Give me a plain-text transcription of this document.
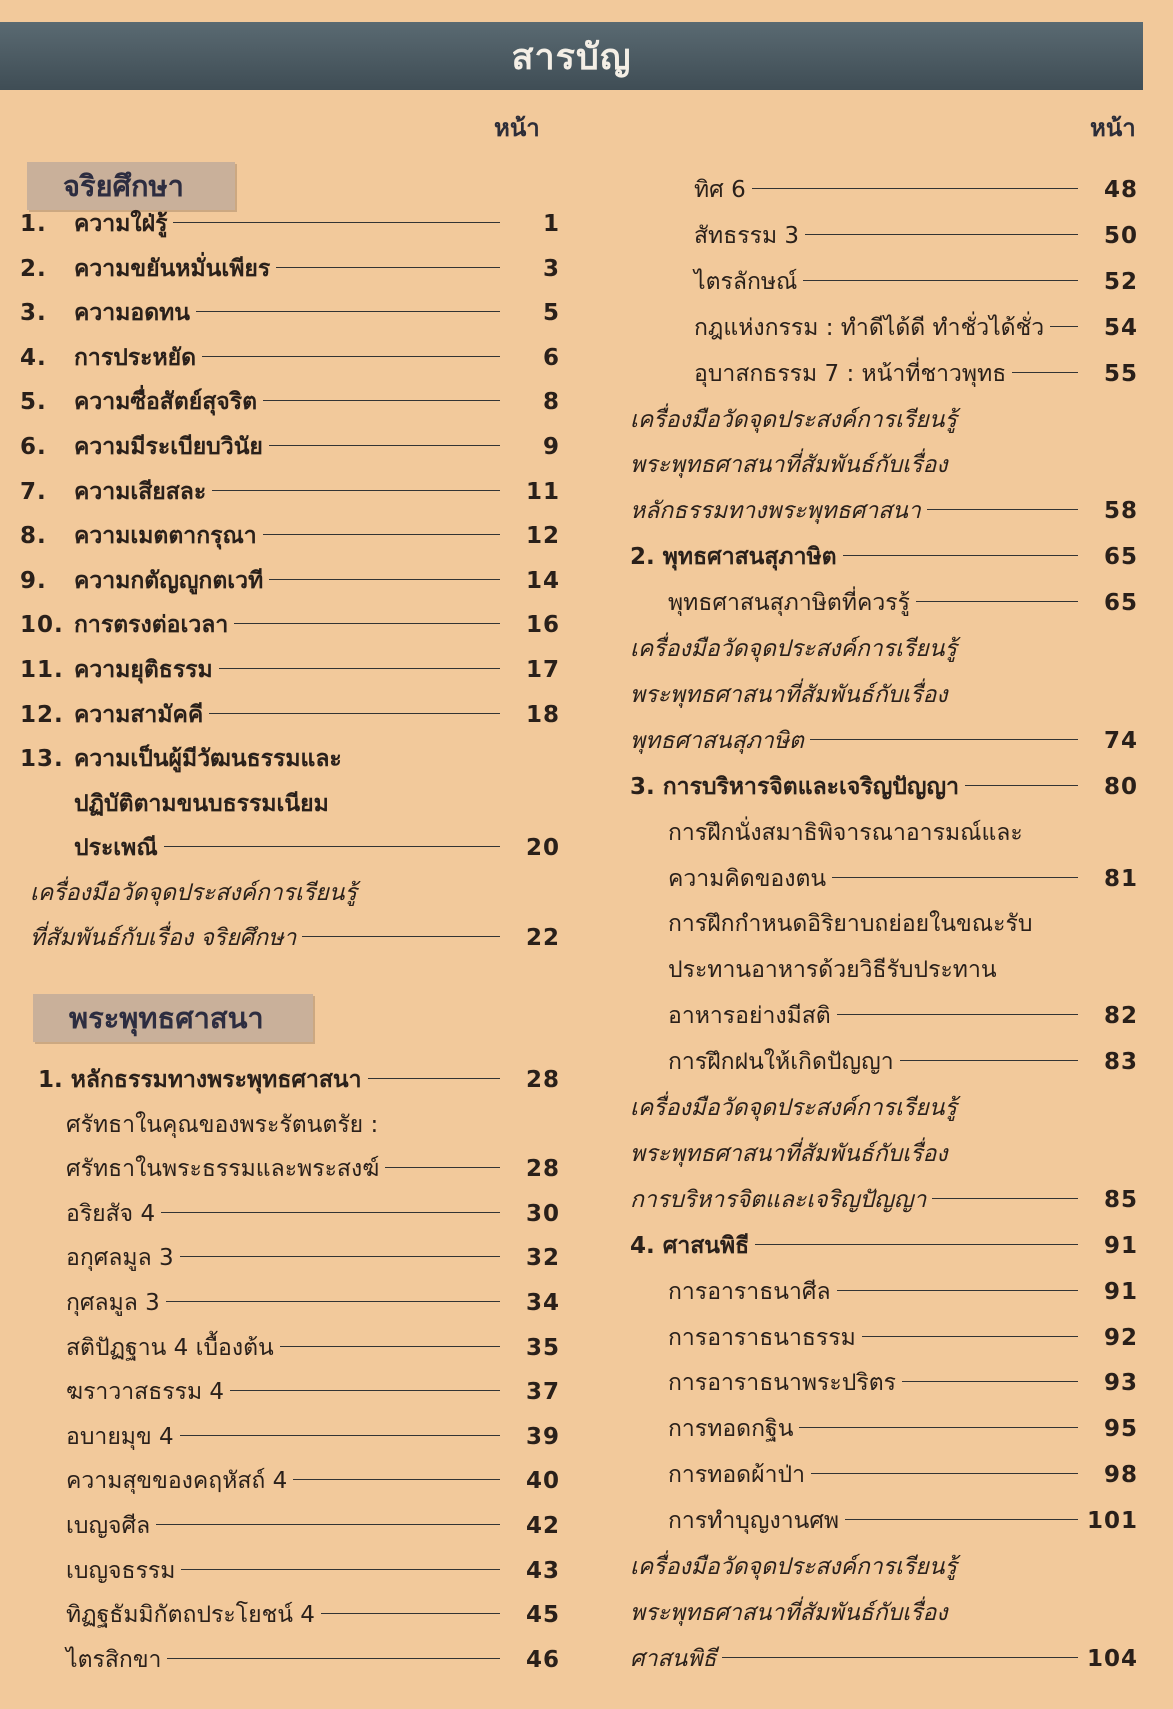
สารบัญ
หน้า	หน้า
จริยศึกษา
พระพุทธศาสนา
1.	ความใฝ่รู้	1
2.	ความขยันหมั่นเพียร	3
3.	ความอดทน	5
4.	การประหยัด	6
5.	ความซื่อสัตย์สุจริต	8
6.	ความมีระเบียบวินัย	9
7.	ความเสียสละ	11
8.	ความเมตตากรุณา	12
9.	ความกตัญญูกตเวที	14
10. การตรงต่อเวลา	16
11. ความยุติธรรม	17
12. ความสามัคคี	18
13. ความเป็นผู้มีวัฒนธรรมและ
ปฏิบัติตามขนบธรรมเนียม
ประเพณี	20
เครื่องมือวัดจุดประสงค์การเรียนรู้
ที่สัมพันธ์กับเรื่อง จริยศึกษา	22
1. หลักธรรมทางพระพุทธศาสนา	28
ศรัทธาในคุณของพระรัตนตรัย :
ศรัทธาในพระธรรมและพระสงฆ์	28
อริยสัจ 4	30
อกุศลมูล 3	32
กุศลมูล 3	34
สติปัฏฐาน 4 เบื้องต้น	35
ฆราวาสธรรม 4	37
อบายมุข 4	39
ความสุขของคฤหัสถ์ 4	40
เบญจศีล	42
เบญจธรรม	43
ทิฏฐธัมมิกัตถประโยชน์ 4	45
ไตรสิกขา	46
ทิศ 6	48
สัทธรรม 3	50
ไตรลักษณ์	52
กฎแห่งกรรม : ทำดีได้ดี ทำชั่วได้ชั่ว	54
อุบาสกธรรม 7 : หน้าที่ชาวพุทธ	55
เครื่องมือวัดจุดประสงค์การเรียนรู้
พระพุทธศาสนาที่สัมพันธ์กับเรื่อง
หลักธรรมทางพระพุทธศาสนา	58
2. พุทธศาสนสุภาษิต	65
พุทธศาสนสุภาษิตที่ควรรู้	65
เครื่องมือวัดจุดประสงค์การเรียนรู้
พระพุทธศาสนาที่สัมพันธ์กับเรื่อง
พุทธศาสนสุภาษิต	74
3. การบริหารจิตและเจริญปัญญา	80
การฝึกนั่งสมาธิพิจารณาอารมณ์และ
ความคิดของตน	81
การฝึกกำหนดอิริยาบถย่อยในขณะรับ
ประทานอาหารด้วยวิธีรับประทาน
อาหารอย่างมีสติ	82
การฝึกฝนให้เกิดปัญญา	83
เครื่องมือวัดจุดประสงค์การเรียนรู้
พระพุทธศาสนาที่สัมพันธ์กับเรื่อง
การบริหารจิตและเจริญปัญญา	85
4. ศาสนพิธี	91
การอาราธนาศีล	91
การอาราธนาธรรม	92
การอาราธนาพระปริตร	93
การทอดกฐิน	95
การทอดผ้าป่า	98
การทำบุญงานศพ	101
เครื่องมือวัดจุดประสงค์การเรียนรู้
พระพุทธศาสนาที่สัมพันธ์กับเรื่อง
ศาสนพิธี	104
